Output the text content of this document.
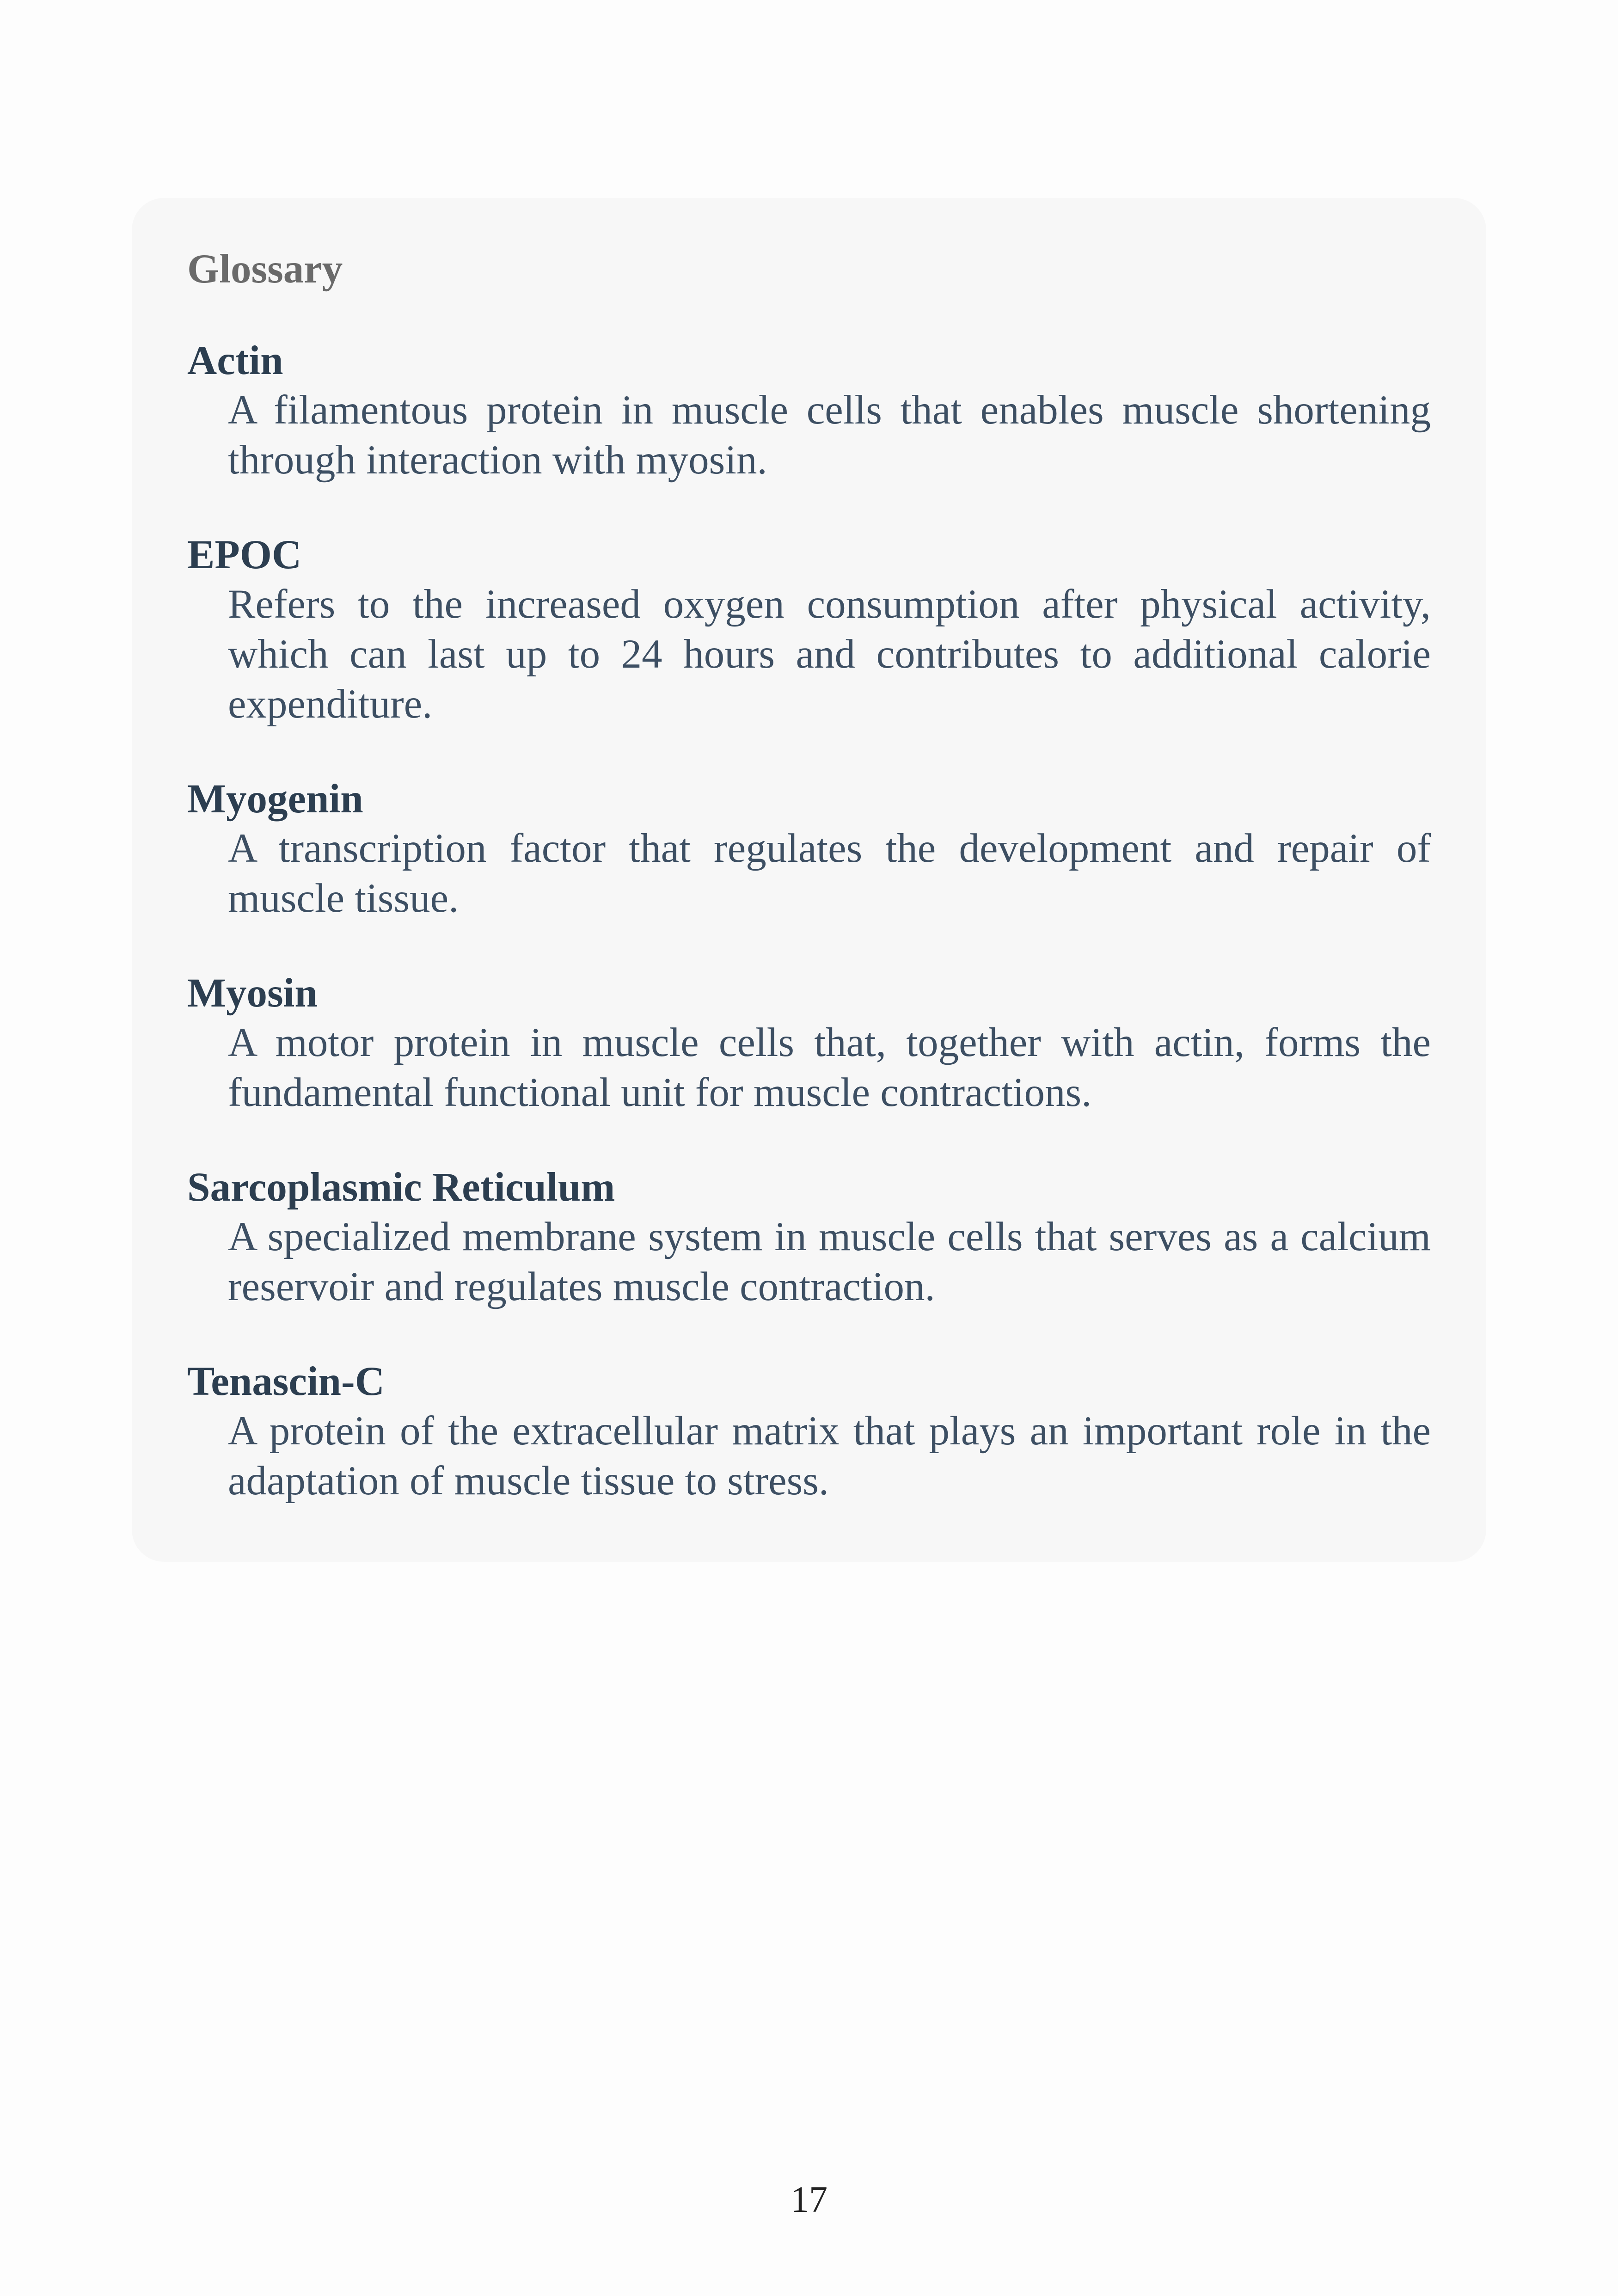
Glossary

Actin

A filamentous protein in muscle cells that enables muscle shortening through interaction with myosin.

EPOC

Refers to the increased oxygen consumption after physical activity, which can last up to 24 hours and contributes to additional calorie expenditure.

Myogenin

A transcription factor that regulates the development and repair of muscle tissue.

Myosin

A motor protein in muscle cells that, together with actin, forms the fundamental functional unit for muscle contractions.

Sarcoplasmic Reticulum

A specialized membrane system in muscle cells that serves as a calcium reservoir and regulates muscle contraction.

Tenascin-C

A protein of the extracellular matrix that plays an important role in the adaptation of muscle tissue to stress.

17
